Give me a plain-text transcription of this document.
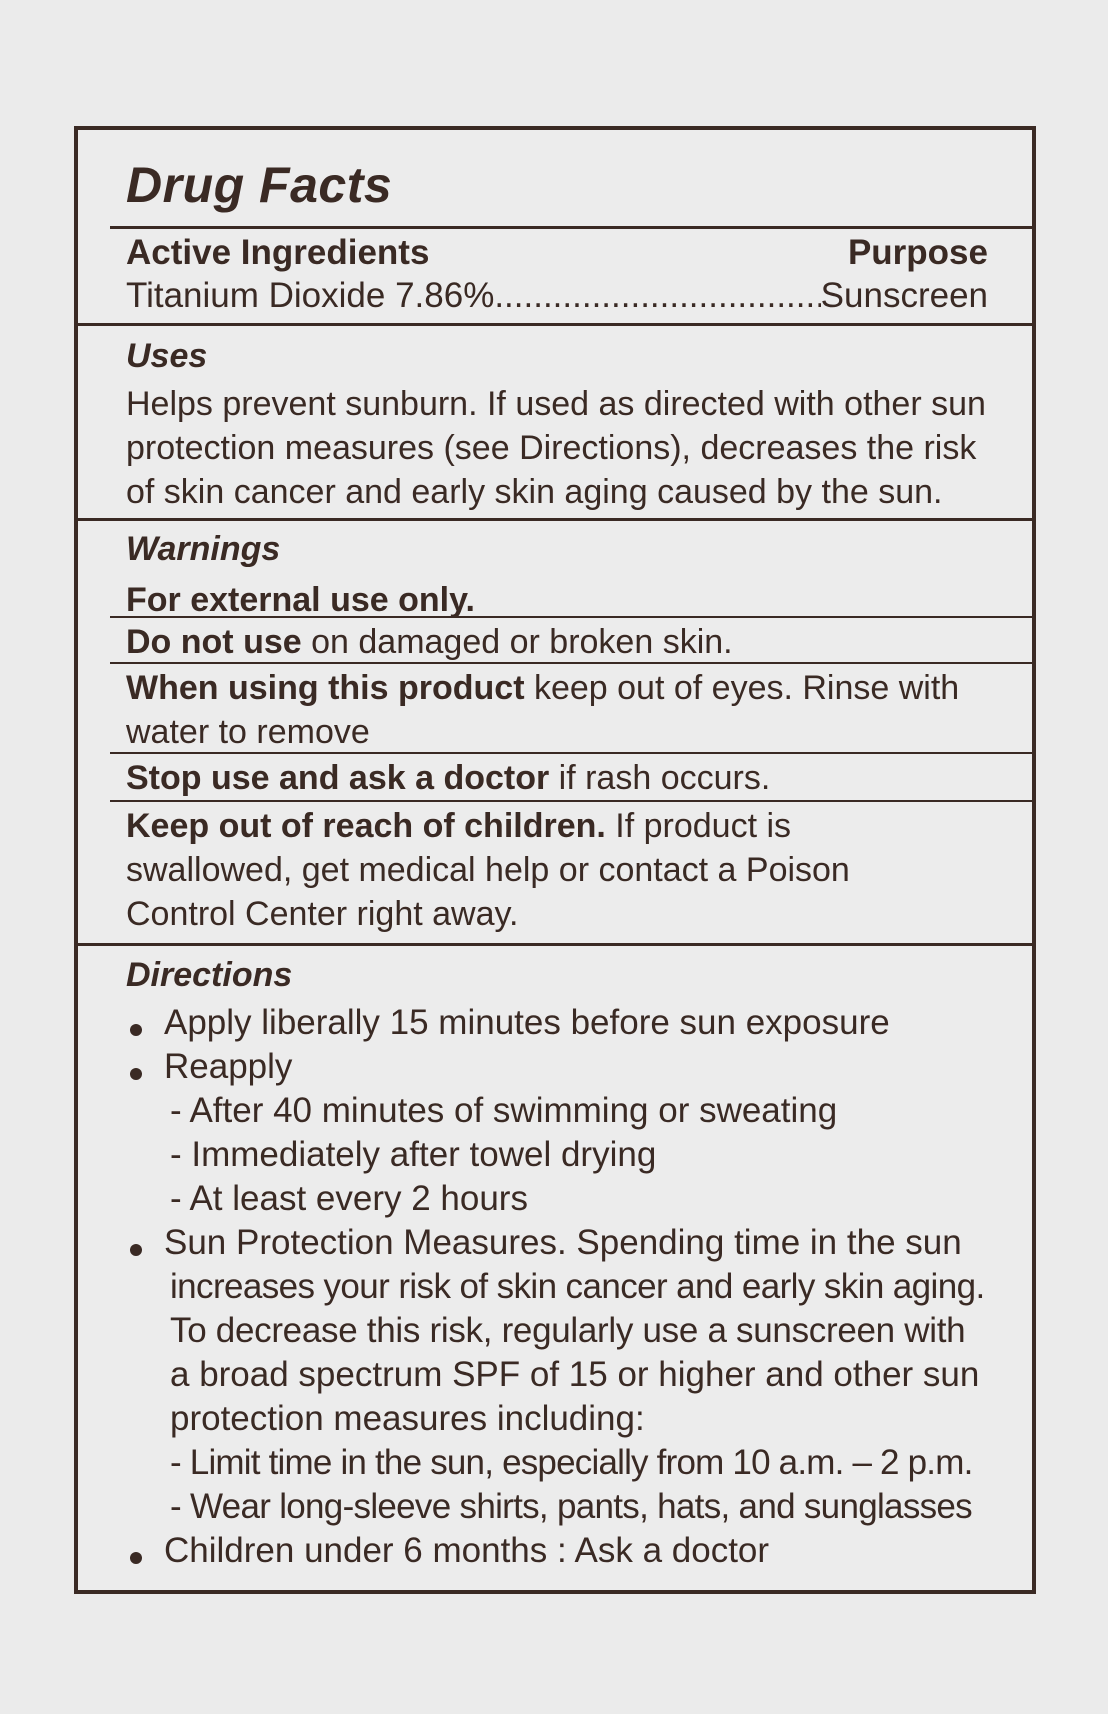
Drug Facts
Active Ingredients	Purpose
Titanium Dioxide 7.86%
.....	Sunscreen
Uses
Helps prevent sunburn. If used as directed with other sun protection measures (see Directions), decreases the risk of skin cancer and early skin aging caused by the sun.
Warnings
For external use only.
Do not use on damaged or broken skin.
When using this product keep out of eyes. Rinse with water to remove
Stop use and ask a doctor if rash occurs.
Keep out of reach of children. If product is swallowed, get medical help or contact a Poison Control Center right away.
Directions
Apply liberally 15 minutes before sun exposure
Reapply
- After 40 minutes of swimming or sweating
- Immediately after towel drying
- At least every 2 hours
Sun Protection Measures. Spending time in the sun
increases your risk of skin cancer and early skin aging.
To decrease this risk, regularly use a sunscreen with
a broad spectrum SPF of 15 or higher and other sun
protection measures including:
- Limit time in the sun, especially from 10 a.m. – 2 p.m.
- Wear long-sleeve shirts, pants, hats, and sunglasses
Children under 6 months : Ask a doctor
